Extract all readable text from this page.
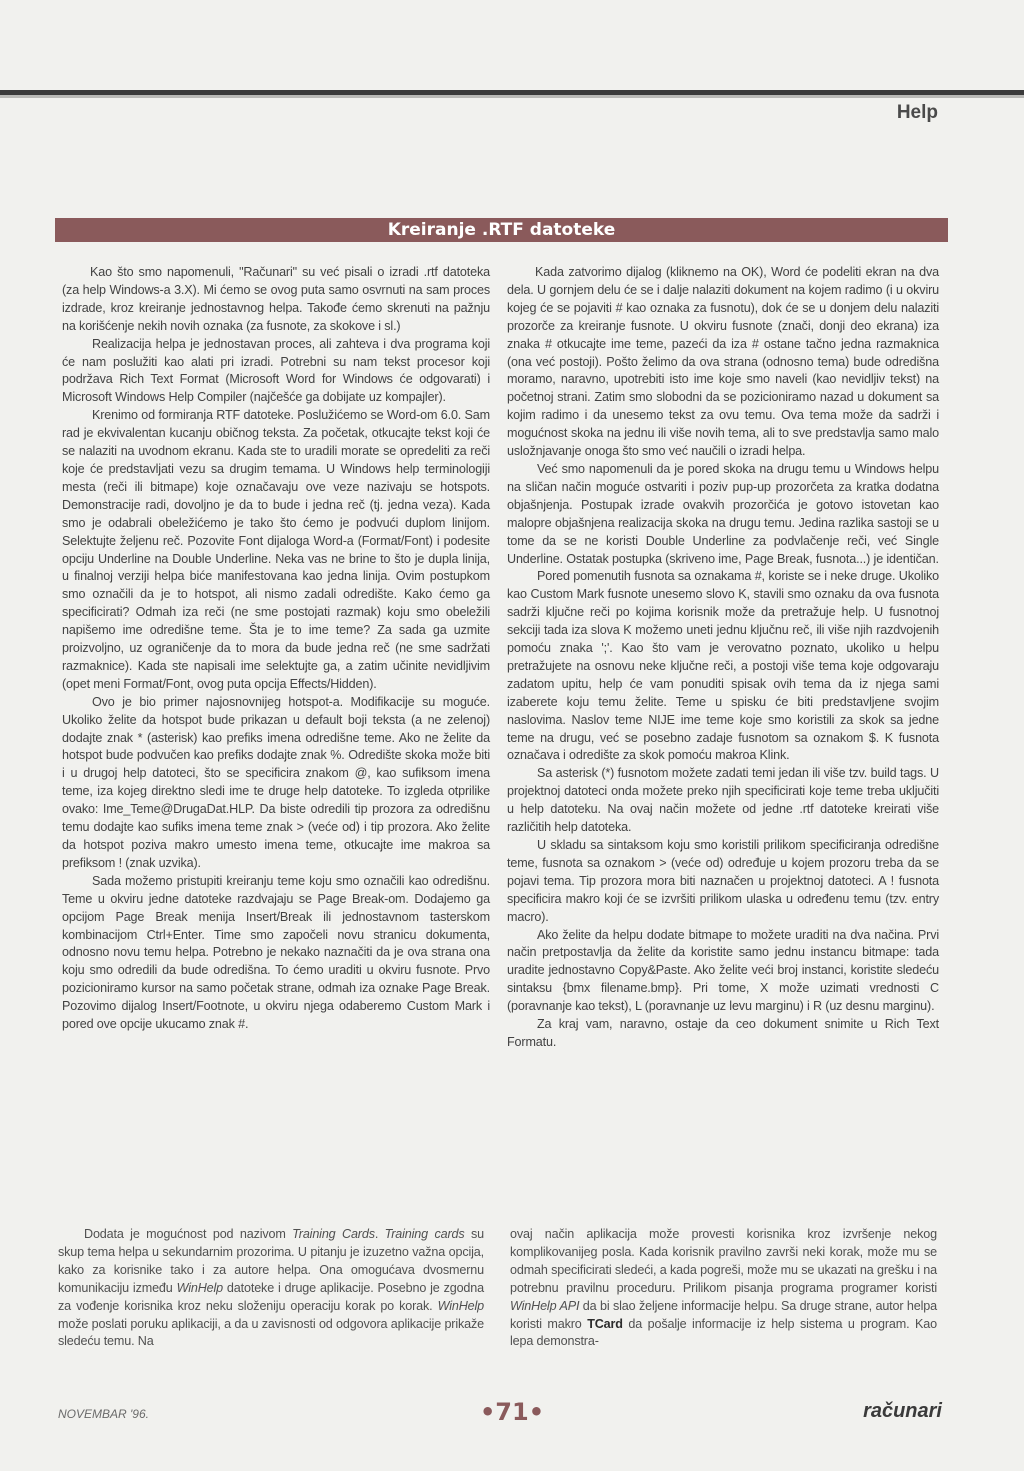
Help
Kreiranje .RTF datoteke

Kao što smo napomenuli, "Računari" su već pisali o izradi .rtf datoteka (za help Windows-a 3.X). Mi ćemo se ovog puta samo osvrnuti na sam proces izdrade, kroz kreiranje jednostavnog helpa. Takođe ćemo skrenuti na pažnju na korišćenje nekih novih oznaka (za fusnote, za skokove i sl.)

Realizacija helpa je jednostavan proces, ali zahteva i dva programa koji će nam poslužiti kao alati pri izradi. Potrebni su nam tekst procesor koji podržava Rich Text Format (Microsoft Word for Windows će odgovarati) i Microsoft Windows Help Compiler (najčešće ga dobijate uz kompajler).

Krenimo od formiranja RTF datoteke. Poslužićemo se Word-om 6.0. Sam rad je ekvivalentan kucanju običnog teksta. Za početak, otkucajte tekst koji će se nalaziti na uvodnom ekranu. Kada ste to uradili morate se opredeliti za reči koje će predstavljati vezu sa drugim temama. U Windows help terminologiji mesta (reči ili bitmape) koje označavaju ove veze nazivaju se hotspots. Demonstracije radi, dovoljno je da to bude i jedna reč (tj. jedna veza). Kada smo je odabrali obeležićemo je tako što ćemo je podvući duplom linijom. Selektujte željenu reč. Pozovite Font dijaloga Word-a (Format/Font) i podesite opciju Underline na Double Underline. Neka vas ne brine to što je dupla linija, u finalnoj verziji helpa biće manifestovana kao jedna linija. Ovim postupkom smo označili da je to hotspot, ali nismo zadali odredište. Kako ćemo ga specificirati? Odmah iza reči (ne sme postojati razmak) koju smo obeležili napišemo ime odredišne teme. Šta je to ime teme? Za sada ga uzmite proizvoljno, uz ograničenje da to mora da bude jedna reč (ne sme sadržati razmaknice). Kada ste napisali ime selektujte ga, a zatim učinite nevidljivim (opet meni Format/Font, ovog puta opcija Effects/Hidden).

Ovo je bio primer najosnovnijeg hotspot-a. Modifikacije su moguće. Ukoliko želite da hotspot bude prikazan u default boji teksta (a ne zelenoj) dodajte znak * (asterisk) kao prefiks imena odredišne teme. Ako ne želite da hotspot bude podvučen kao prefiks dodajte znak %. Odredište skoka može biti i u drugoj help datoteci, što se specificira znakom @, kao sufiksom imena teme, iza kojeg direktno sledi ime te druge help datoteke. To izgleda otprilike ovako: Ime_Teme@DrugaDat.HLP. Da biste odredili tip prozora za odredišnu temu dodajte kao sufiks imena teme znak > (veće od) i tip prozora. Ako želite da hotspot poziva makro umesto imena teme, otkucajte ime makroa sa prefiksom ! (znak uzvika).

Sada možemo pristupiti kreiranju teme koju smo označili kao odredišnu. Teme u okviru jedne datoteke razdvajaju se Page Break-om. Dodajemo ga opcijom Page Break menija Insert/Break ili jednostavnom tasterskom kombinacijom Ctrl+Enter. Time smo započeli novu stranicu dokumenta, odnosno novu temu helpa. Potrebno je nekako naznačiti da je ova strana ona koju smo odredili da bude odredišna. To ćemo uraditi u okviru fusnote. Prvo pozicioniramo kursor na samo početak strane, odmah iza oznake Page Break. Pozovimo dijalog Insert/Footnote, u okviru njega odaberemo Custom Mark i pored ove opcije ukucamo znak #.

Kada zatvorimo dijalog (kliknemo na OK), Word će podeliti ekran na dva dela. U gornjem delu će se i dalje nalaziti dokument na kojem radimo (i u okviru kojeg će se pojaviti # kao oznaka za fusnotu), dok će se u donjem delu nalaziti prozorče za kreiranje fusnote. U okviru fusnote (znači, donji deo ekrana) iza znaka # otkucajte ime teme, pazeći da iza # ostane tačno jedna razmaknica (ona već postoji). Pošto želimo da ova strana (odnosno tema) bude odredišna moramo, naravno, upotrebiti isto ime koje smo naveli (kao nevidljiv tekst) na početnoj strani. Zatim smo slobodni da se pozicioniramo nazad u dokument sa kojim radimo i da unesemo tekst za ovu temu. Ova tema može da sadrži i mogućnost skoka na jednu ili više novih tema, ali to sve predstavlja samo malo usložnjavanje onoga što smo već naučili o izradi helpa.

Već smo napomenuli da je pored skoka na drugu temu u Windows helpu na sličan način moguće ostvariti i poziv pup-up prozorčeta za kratka dodatna objašnjenja. Postupak izrade ovakvih prozorčića je gotovo istovetan kao malopre objašnjena realizacija skoka na drugu temu. Jedina razlika sastoji se u tome da se ne koristi Double Underline za podvlačenje reči, već Single Underline. Ostatak postupka (skriveno ime, Page Break, fusnota...) je identičan.

Pored pomenutih fusnota sa oznakama #, koriste se i neke druge. Ukoliko kao Custom Mark fusnote unesemo slovo K, stavili smo oznaku da ova fusnota sadrži ključne reči po kojima korisnik može da pretražuje help. U fusnotnoj sekciji tada iza slova K možemo uneti jednu ključnu reč, ili više njih razdvojenih pomoću znaka ';'. Kao što vam je verovatno poznato, ukoliko u helpu pretražujete na osnovu neke ključne reči, a postoji više tema koje odgovaraju zadatom upitu, help će vam ponuditi spisak ovih tema da iz njega sami izaberete koju temu želite. Teme u spisku će biti predstavljene svojim naslovima. Naslov teme NIJE ime teme koje smo koristili za skok sa jedne teme na drugu, već se posebno zadaje fusnotom sa oznakom $. K fusnota označava i odredište za skok pomoću makroa Klink.

Sa asterisk (*) fusnotom možete zadati temi jedan ili više tzv. build tags. U projektnoj datoteci onda možete preko njih specificirati koje teme treba uključiti u help datoteku. Na ovaj način možete od jedne .rtf datoteke kreirati više različitih help datoteka.

U skladu sa sintaksom koju smo koristili prilikom specificiranja odredišne teme, fusnota sa oznakom > (veće od) određuje u kojem prozoru treba da se pojavi tema. Tip prozora mora biti naznačen u projektnoj datoteci. A ! fusnota specificira makro koji će se izvršiti prilikom ulaska u određenu temu (tzv. entry macro).

Ako želite da helpu dodate bitmape to možete uraditi na dva načina. Prvi način pretpostavlja da želite da koristite samo jednu instancu bitmape: tada uradite jednostavno Copy&Paste. Ako želite veći broj instanci, koristite sledeću sintaksu {bmx filename.bmp}. Pri tome, X može uzimati vrednosti C (poravnanje kao tekst), L (poravnanje uz levu marginu) i R (uz desnu marginu).

Za kraj vam, naravno, ostaje da ceo dokument snimite u Rich Text Formatu.

Dodata je mogućnost pod nazivom Training Cards. Training cards su skup tema helpa u sekundarnim prozorima. U pitanju je izuzetno važna opcija, kako za korisnike tako i za autore helpa. Ona omogućava dvosmernu komunikaciju između WinHelp datoteke i druge aplikacije. Posebno je zgodna za vođenje korisnika kroz neku složeniju operaciju korak po korak. WinHelp može poslati poruku aplikaciji, a da u zavisnosti od odgovora aplikacije prikaže sledeću temu. Na
ovaj način aplikacija može provesti korisnika kroz izvršenje nekog komplikovanijeg posla. Kada korisnik pravilno završi neki korak, može mu se odmah specificirati sledeći, a kada pogreši, može mu se ukazati na grešku i na potrebnu pravilnu proceduru. Prilikom pisanja programa programer koristi WinHelp API da bi slao željene informacije helpu. Sa druge strane, autor helpa koristi makro TCard da pošalje informacije iz help sistema u program. Kao lepa demonstra-
NOVEMBAR '96.	•71•	računari
